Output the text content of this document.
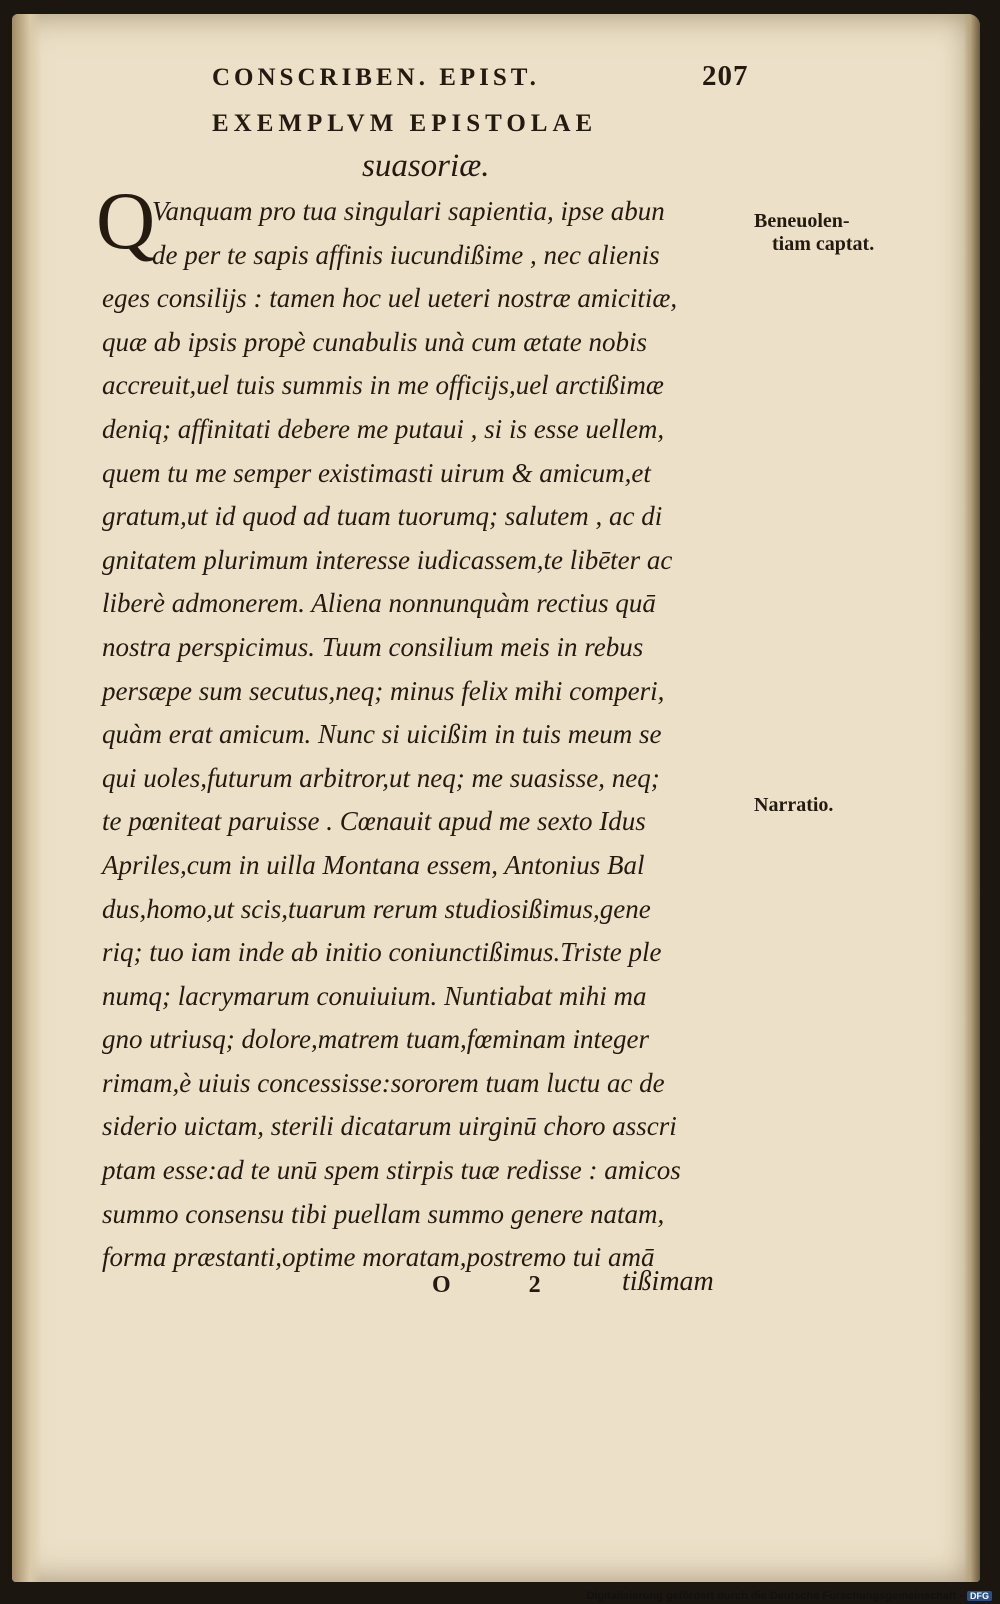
CONSCRIBEN. EPIST.	207
EXEMPLVM EPISTOLAE
suasoriæ.
Q
Vanquam pro tua singulari sapientia, ipse abun
de per te sapis affinis iucundißime , nec alienis
eges consilijs : tamen hoc uel ueteri nostræ amicitiæ,
quæ ab ipsis propè cunabulis unà cum ætate nobis
accreuit,uel tuis summis in me officijs,uel arctißimæ
deniq; affinitati debere me putaui , si is esse uellem,
quem tu me semper existimasti uirum & amicum,et
gratum,ut id quod ad tuam tuorumq; salutem , ac di
gnitatem plurimum interesse iudicassem,te libēter ac
liberè admonerem. Aliena nonnunquàm rectius quā
nostra perspicimus. Tuum consilium meis in rebus
persæpe sum secutus,neq; minus felix mihi comperi,
quàm erat amicum. Nunc si uicißim in tuis meum se
qui uoles,futurum arbitror,ut neq; me suasisse, neq;
te pœniteat paruisse . Cœnauit apud me sexto Idus
Apriles,cum in uilla Montana essem, Antonius Bal
dus,homo,ut scis,tuarum rerum studiosißimus,gene
riq; tuo iam inde ab initio coniunctißimus.Triste ple
numq; lacrymarum conuiuium. Nuntiabat mihi ma
gno utriusq; dolore,matrem tuam,fœminam integer
rimam,è uiuis concessisse:sororem tuam luctu ac de
siderio uictam, sterili dicatarum uirginū choro asscri
ptam esse:ad te unū spem stirpis tuæ redisse : amicos
summo consensu tibi puellam summo genere natam,
forma præstanti,optime moratam,postremo tui amā
Beneuolen-
tiam captat.
Narratio.
O 2 tißimam
Digitalisierung gefördert durch die Deutsche Forschungsgemeinschaft - DFG
